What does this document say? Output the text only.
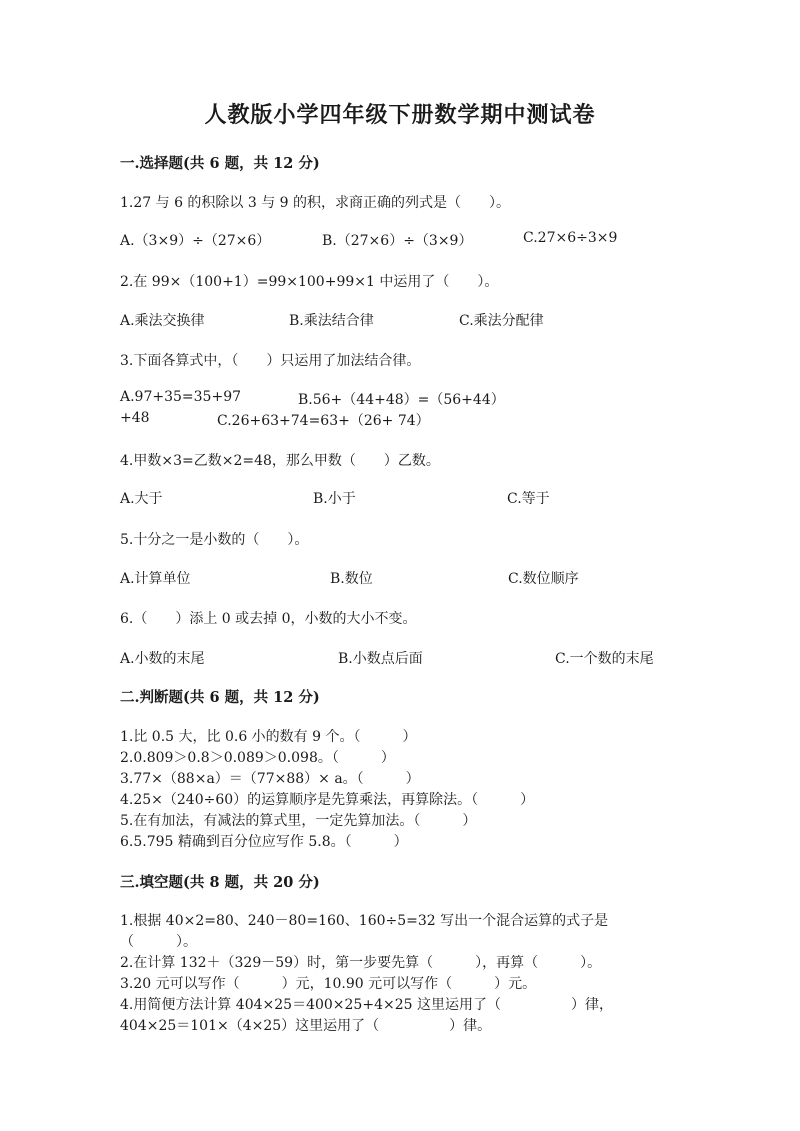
人教版小学四年级下册数学期中测试卷
一.选择题(共 6 题，共 12 分)
1.27 与 6 的积除以 3 与 9 的积，求商正确的列式是（　　）。
A.（3×9）÷（27×6）	B.（27×6）÷（3×9）	C.27×6÷3×9
2.在 99×（100+1）=99×100+99×1 中运用了（　　）。
A.乘法交换律	B.乘法结合律	C.乘法分配律
3.下面各算式中，（　　）只运用了加法结合律。
A.97+35=35+97	B.56+（44+48）=（56+44）
+48	C.26+63+74=63+（26+ 74）
4.甲数×3=乙数×2=48，那么甲数（　　）乙数。
A.大于	B.小于	C.等于
5.十分之一是小数的（　　）。
A.计算单位	B.数位	C.数位顺序
6.（　　）添上 0 或去掉 0，小数的大小不变。
A.小数的末尾	B.小数点后面	C.一个数的末尾
二.判断题(共 6 题，共 12 分)
1.比 0.5 大，比 0.6 小的数有 9 个。（　　　）
2.0.809＞0.8＞0.089＞0.098。（　　　）
3.77×（88×a）＝（77×88）× a。（　　　）
4.25×（240÷60）的运算顺序是先算乘法，再算除法。（　　　）
5.在有加法，有减法的算式里，一定先算加法。（　　　）
6.5.795 精确到百分位应写作 5.8。（　　　）
三.填空题(共 8 题，共 20 分)
1.根据 40×2=80、240－80=160、160÷5=32 写出一个混合运算的式子是
（　　　）。
2.在计算 132＋（329－59）时，第一步要先算（　　　），再算（　　　）。
3.20 元可以写作（　　　）元，10.90 元可以写作（　　　）元。
4.用简便方法计算 404×25＝400×25+4×25 这里运用了（　　　　　）律，
404×25＝101×（4×25）这里运用了（　　　　　）律。
